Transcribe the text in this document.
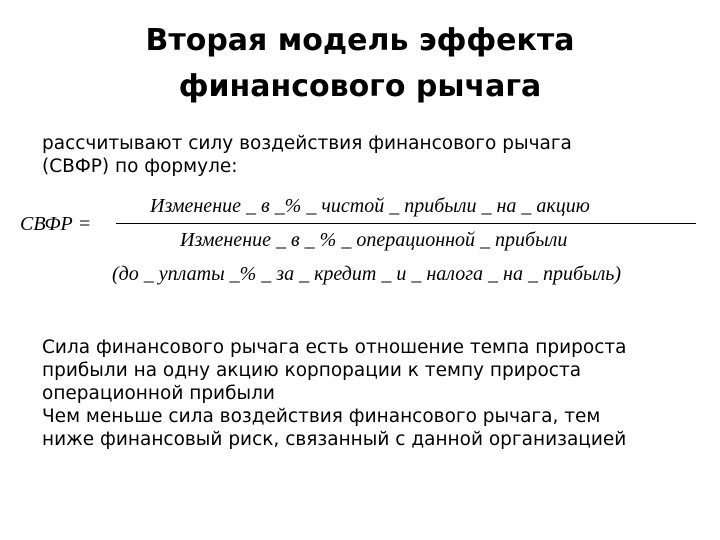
Вторая модель эффекта
финансового рычага
рассчитывают силу воздействия финансового рычага
(СВФР) по формуле:
СВФР =
Изменение _ в _% _ чистой _ прибыли _ на _ акцию
Изменение _ в _ % _ операционной _ прибыли
(до _ уплаты _% _ за _ кредит _ и _ налога _ на _ прибыль)

Сила финансового рычага есть отношение темпа прироста
прибыли на одну акцию корпорации к темпу прироста
операционной прибыли

Чем меньше сила воздействия финансового рычага, тем
ниже финансовый риск, связанный с данной организацией
